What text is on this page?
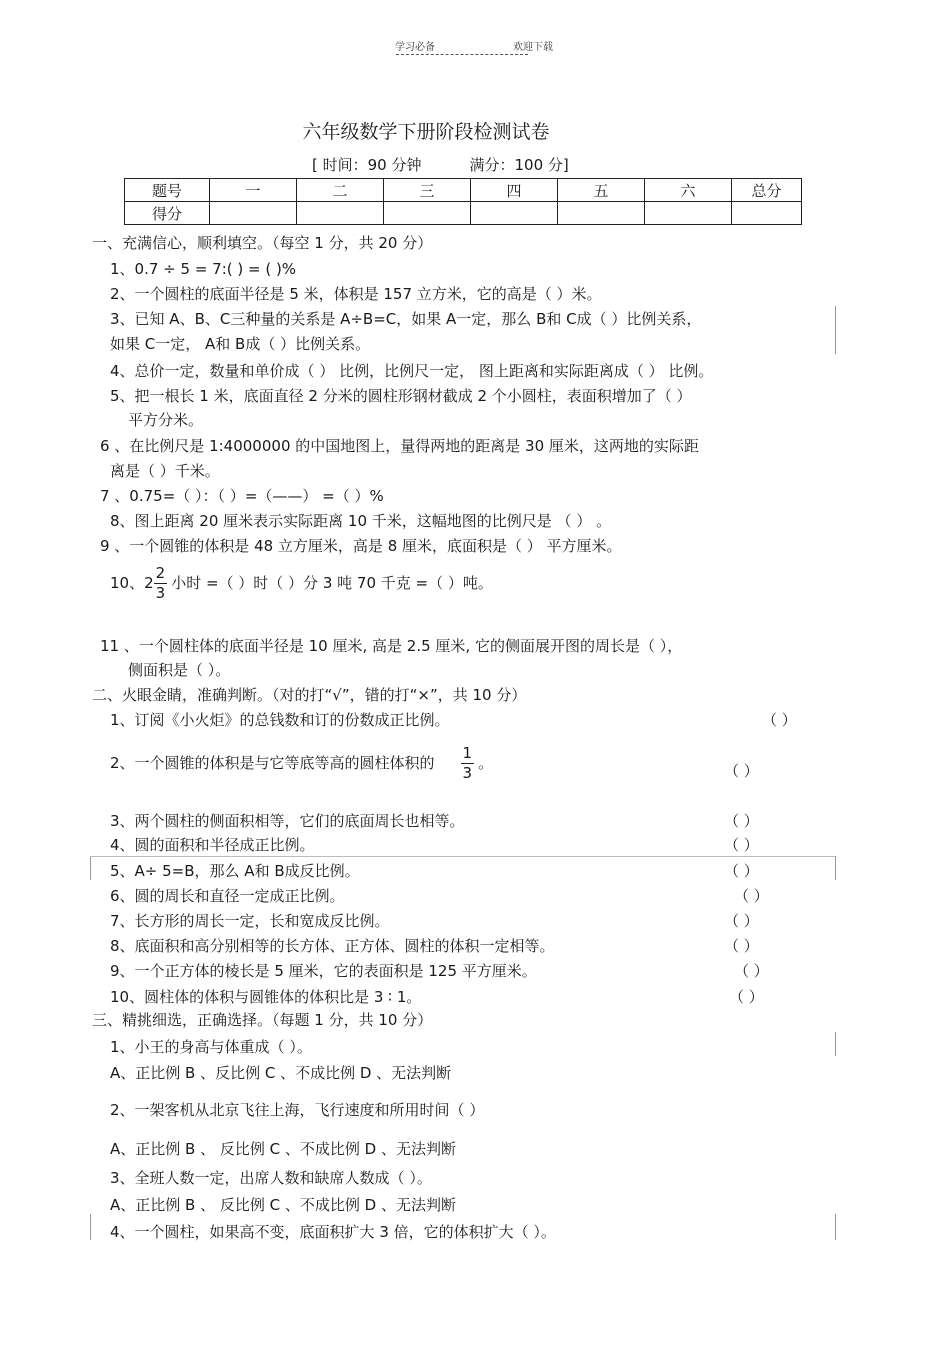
学习必备	欢迎下载
六年级数学下册阶段检测试卷
[ 时间：90 分钟	满分：100 分]
题号	一	二	三	四	五	六	总分
得分							
一、充满信心，顺利填空。（每空 1 分，共 20 分）
1、0.7 ÷ 5 = 7:( ) = ( )%
2、一个圆柱的底面半径是 5 米，体积是 157 立方米，它的高是（ ）米。
3、已知 A、B、C三种量的关系是 A÷B=C，如果 A一定，那么 B和 C成（ ）比例关系，
如果 C一定， A和 B成（ ）比例关系。
4、总价一定，数量和单价成（ ） 比例，比例尺一定， 图上距离和实际距离成（ ） 比例。
5、把一根长 1 米，底面直径 2 分米的圆柱形钢材截成 2 个小圆柱，表面积增加了（ ）
平方分米。
6 、在比例尺是 1:4000000 的中国地图上，量得两地的距离是 30 厘米，这两地的实际距
离是（ ）千米。
7 、0.75=（ ）：（ ）=（——） =（ ）%
8、图上距离 20 厘米表示实际距离 10 千米，这幅地图的比例尺是 （ ） 。
9 、一个圆锥的体积是 48 立方厘米，高是 8 厘米，底面积是（ ） 平方厘米。
10、$2 \frac{2}{3}$ 小时 =（ ）时（ ）分 3 吨 70 千克 =（ ）吨。
11 、一个圆柱体的底面半径是 10 厘米, 高是 2.5 厘米, 它的侧面展开图的周长是（ ），
侧面积是（ ）。
二、火眼金睛，准确判断。（对的打“√”，错的打“×”，共 10 分）
1、订阅《小火炬》的总钱数和订的份数成正比例。	（ ）
2、一个圆锥的体积是与它等底等高的圆柱体积的 $\frac{1}{3}$ 。	（ ）
3、两个圆柱的侧面积相等，它们的底面周长也相等。	（ ）
4、圆的面积和半径成正比例。	（ ）
5、A÷ 5=B，那么 A和 B成反比例。	（ ）
6、圆的周长和直径一定成正比例。	（ ）
7、长方形的周长一定，长和宽成反比例。	（ ）
8、底面积和高分别相等的长方体、正方体、圆柱的体积一定相等。	（ ）
9、一个正方体的棱长是 5 厘米，它的表面积是 125 平方厘米。	（ ）
10、圆柱体的体积与圆锥体的体积比是 3 ∶ 1。	（ ）
三、精挑细选，正确选择。（每题 1 分，共 10 分）
1、小王的身高与体重成（ ）。
A、正比例 B 、反比例 C 、不成比例 D 、无法判断
2、一架客机从北京飞往上海，飞行速度和所用时间（ ）
A、正比例 B 、 反比例 C 、不成比例 D 、无法判断
3、全班人数一定，出席人数和缺席人数成（ ）。
A、正比例 B 、 反比例 C 、不成比例 D 、无法判断
4、一个圆柱，如果高不变，底面积扩大 3 倍，它的体积扩大（ ）。
